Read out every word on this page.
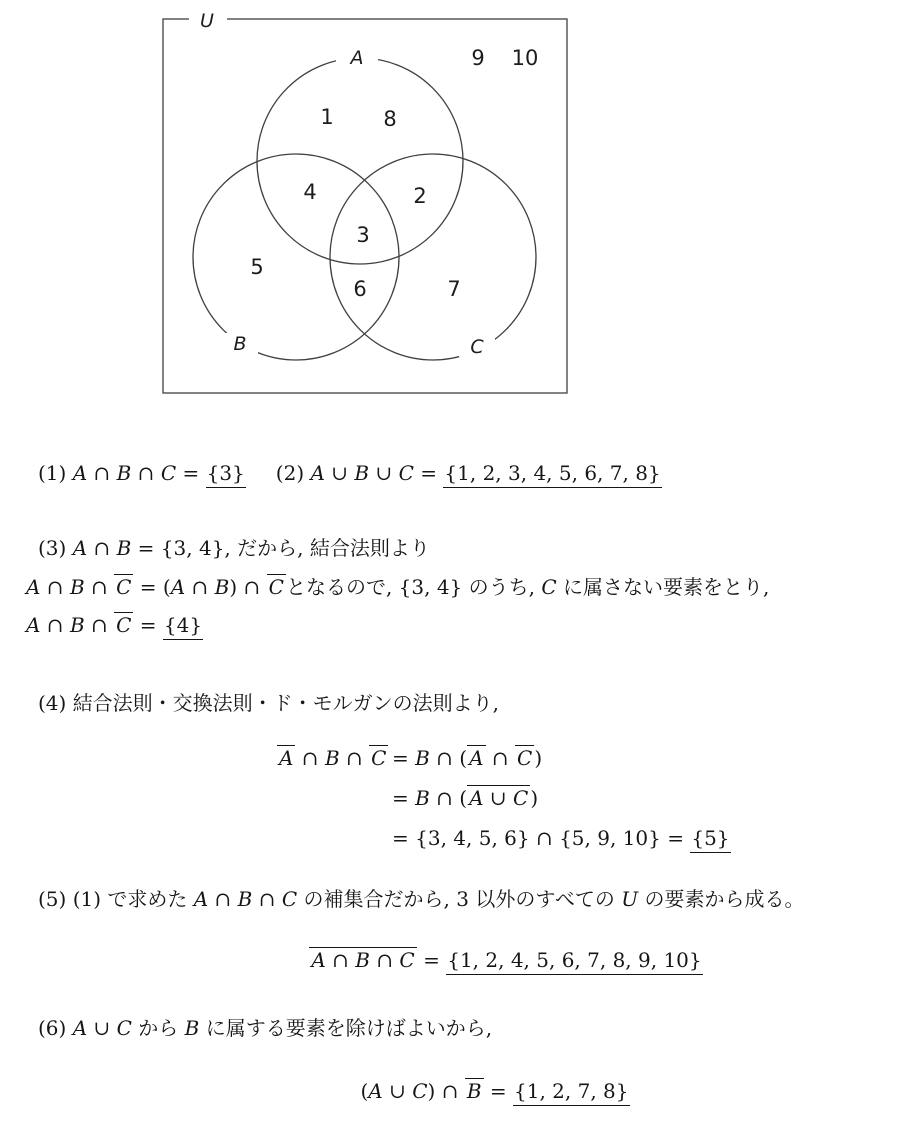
U
A
B	C
1 8
9 10
4	2
3
5
6	7
(1) A ∩ B ∩ C = {3}  (2) A ∪ B ∪ C = {1, 2, 3, 4, 5, 6, 7, 8}
(3) A ∩ B = {3, 4}, だから, 結合法則より
A ∩ B ∩ C = (A ∩ B) ∩ C となるので, {3, 4} のうち, C に属さない要素をとり,
A ∩ B ∩ C = {4}
(4) 結合法則・交換法則・ド・モルガンの法則より,
A ∩ B ∩ C = B ∩ ( A ∩ C )
= B ∩ ( A ∪ C )
= {3, 4, 5, 6} ∩ {5, 9, 10} = {5}
(5) (1) で求めた A ∩ B ∩ C の補集合だから, 3 以外のすべての U の要素から成る。
A ∩ B ∩ C = {1, 2, 4, 5, 6, 7, 8, 9, 10}
(6) A ∪ C から B に属する要素を除けばよいから,
(A ∪ C) ∩ B = {1, 2, 7, 8}
